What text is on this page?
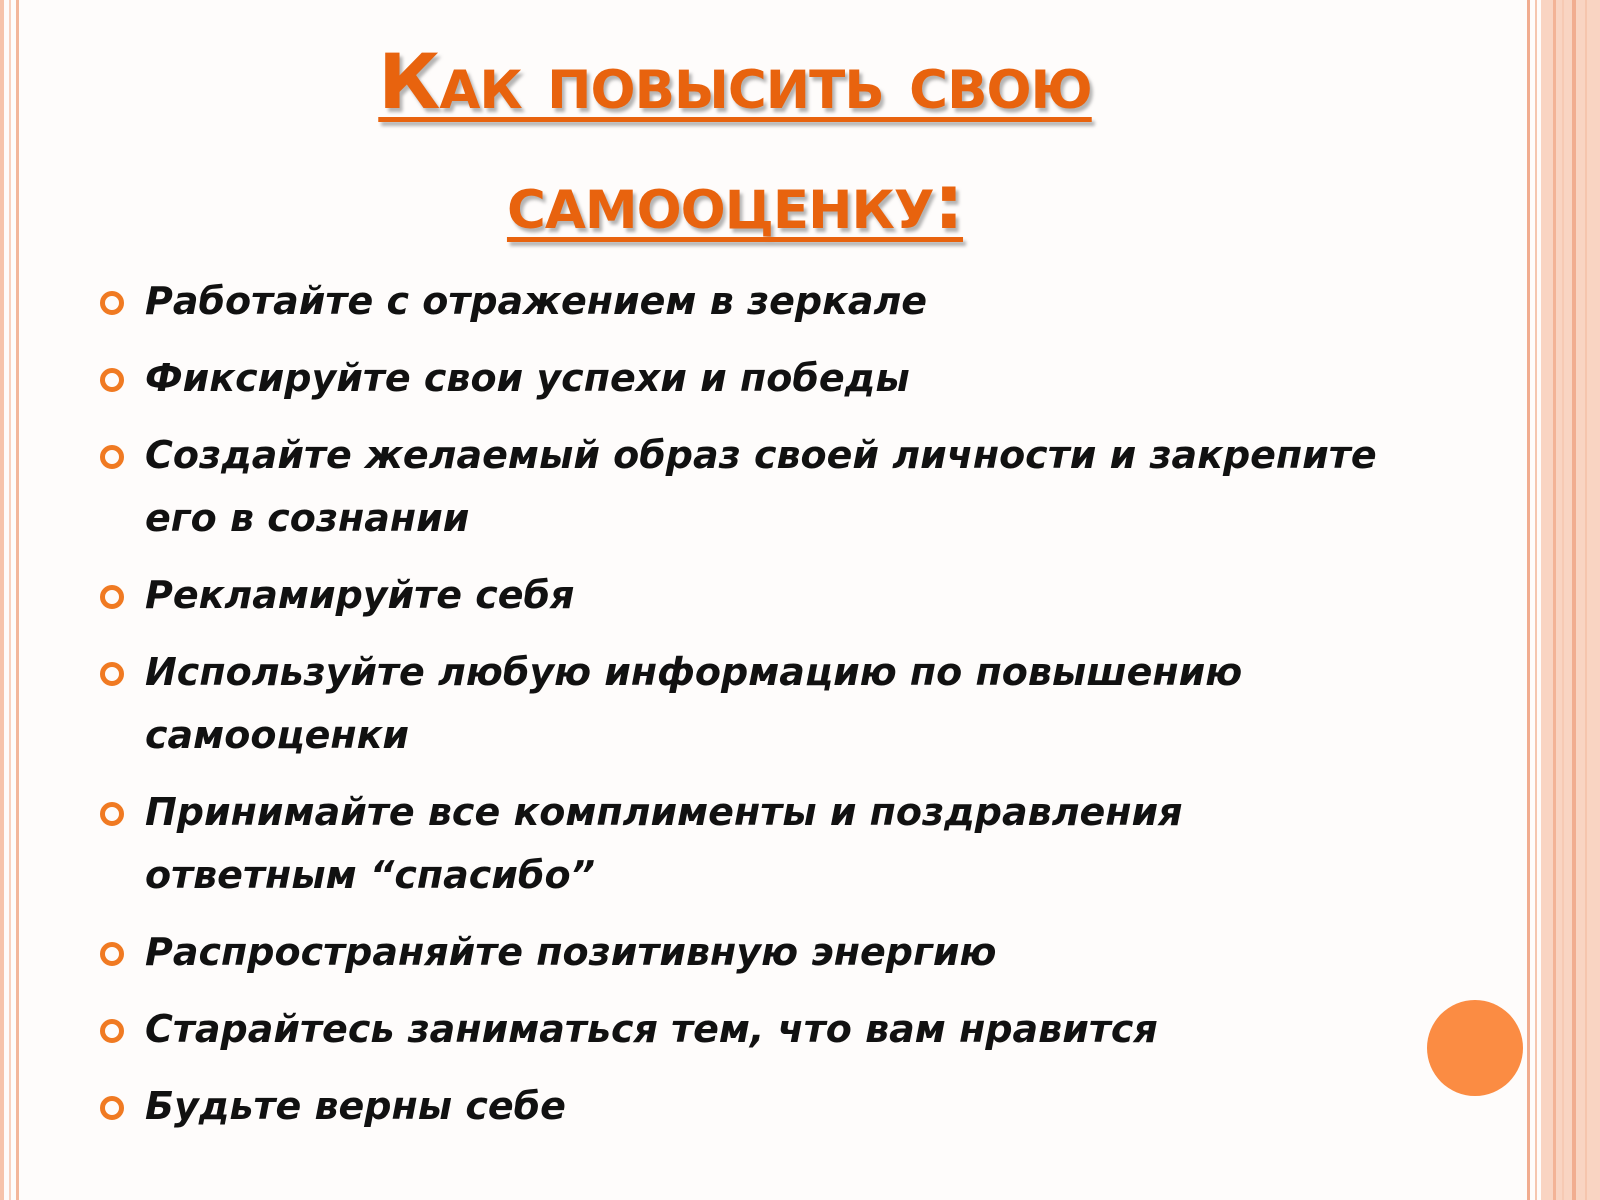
Как повысить свою самооценку:
Работайте с отражением в зеркале
Фиксируйте свои успехи и победы
Создайте желаемый образ своей личности и закрепите его в сознании
Рекламируйте себя
Используйте любую информацию по повышению самооценки
Принимайте все комплименты и поздравления ответным “спасибо”
Распространяйте позитивную энергию
Старайтесь заниматься тем, что вам нравится
Будьте верны себе
